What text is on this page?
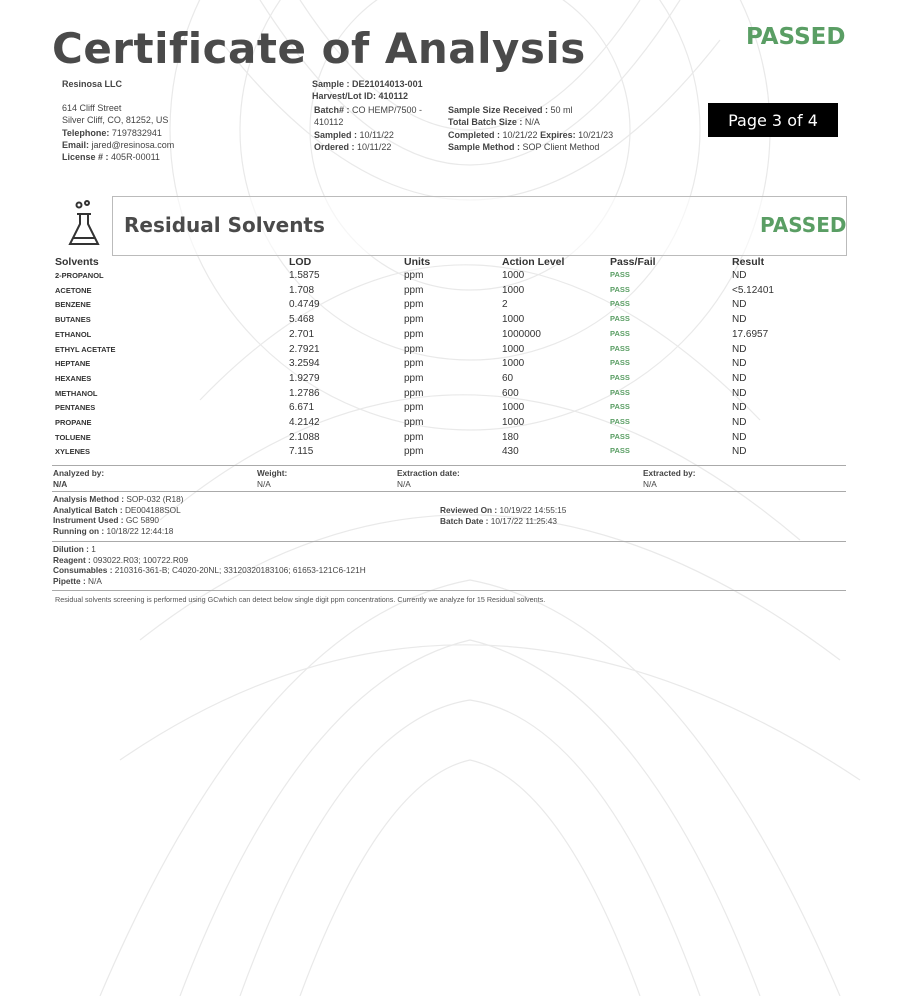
Certificate of Analysis	PASSED
Resinosa LLC
614 Cliff Street
Silver Cliff, CO, 81252, US
Telephone: 7197832941
Email: jared@resinosa.com
License # : 405R-00011
Sample : DE21014013-001
Harvest/Lot ID: 410112
Batch# : CO HEMP/7500 - 410112
Sampled : 10/11/22
Ordered : 10/11/22
Sample Size Received : 50 ml
Total Batch Size : N/A
Completed : 10/21/22 Expires: 10/21/23
Sample Method : SOP Client Method
Page 3 of 4
Residual Solvents	PASSED
Solvents	LOD	Units	Action Level	Pass/Fail	Result
2-PROPANOL	1.5875	ppm	1000	PASS	ND
ACETONE	1.708	ppm	1000	PASS	<5.12401
BENZENE	0.4749	ppm	2	PASS	ND
BUTANES	5.468	ppm	1000	PASS	ND
ETHANOL	2.701	ppm	1000000	PASS	17.6957
ETHYL ACETATE	2.7921	ppm	1000	PASS	ND
HEPTANE	3.2594	ppm	1000	PASS	ND
HEXANES	1.9279	ppm	60	PASS	ND
METHANOL	1.2786	ppm	600	PASS	ND
PENTANES	6.671	ppm	1000	PASS	ND
PROPANE	4.2142	ppm	1000	PASS	ND
TOLUENE	2.1088	ppm	180	PASS	ND
XYLENES	7.115	ppm	430	PASS	ND
Analyzed by:
N/A
Weight:
N/A
Extraction date:
N/A
Extracted by:
N/A
Analysis Method : SOP-032 (R18)
Analytical Batch : DE004188SOL
Instrument Used : GC 5890
Running on : 10/18/22 12:44:18
Reviewed On : 10/19/22 14:55:15
Batch Date : 10/17/22 11:25:43
Dilution : 1
Reagent : 093022.R03; 100722.R09
Consumables : 210316-361-B; C4020-20NL; 33120320183106; 61653-121C6-121H
Pipette : N/A
Residual solvents screening is performed using GCwhich can detect below single digit ppm concentrations. Currently we analyze for 15 Residual solvents.
